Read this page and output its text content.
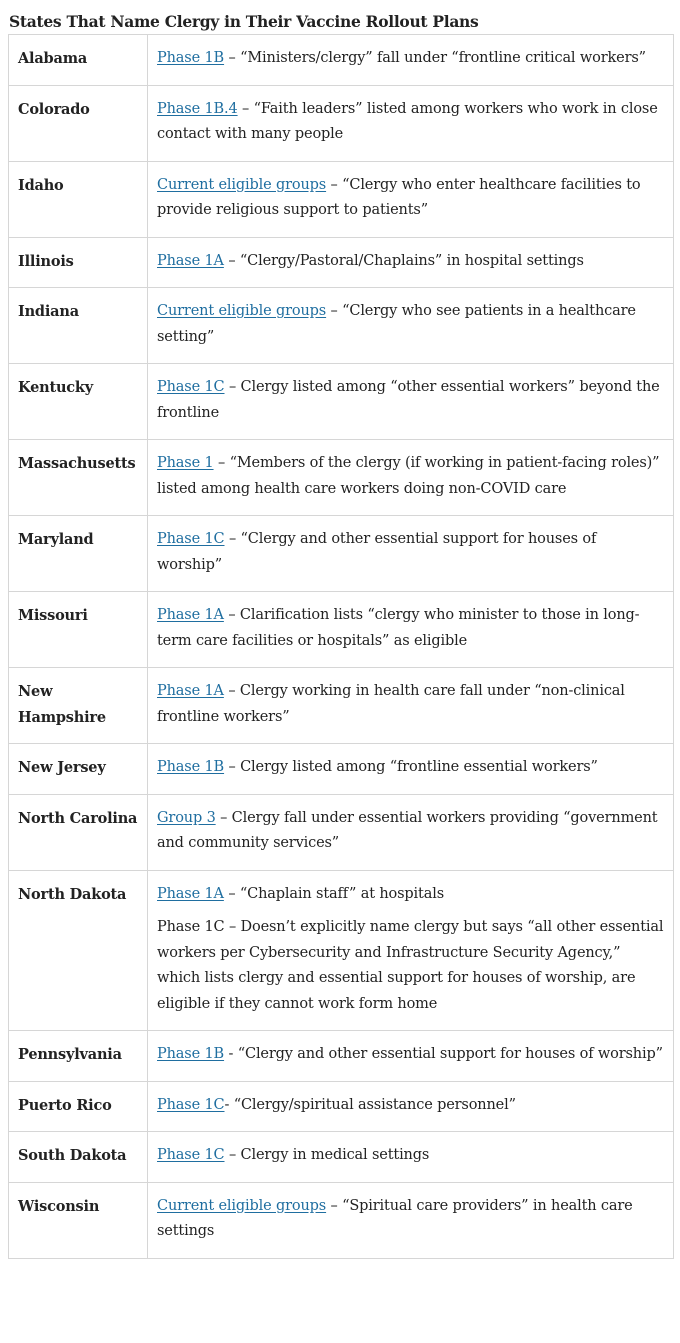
States That Name Clergy in Their Vaccine Rollout Plans
Alabama	Phase 1B – “Ministers/clergy” fall under “frontline critical workers”

Colorado	Phase 1B.4 – “Faith leaders” listed among workers who work in close contact with many people

Idaho	Current eligible groups – “Clergy who enter healthcare facilities to provide religious support to patients”

Illinois	Phase 1A – “Clergy/Pastoral/Chaplains” in hospital settings

Indiana	Current eligible groups – “Clergy who see patients in a healthcare setting”

Kentucky	Phase 1C – Clergy listed among “other essential workers” beyond the frontline

Massachusetts	Phase 1 – “Members of the clergy (if working in patient-facing roles)” listed among health care workers doing non-COVID care

Maryland	Phase 1C – “Clergy and other essential support for houses of worship”

Missouri	Phase 1A – Clarification lists “clergy who minister to those in long-term care facilities or hospitals” as eligible

New Hampshire	Phase 1A – Clergy working in health care fall under “non-clinical frontline workers”

New Jersey	Phase 1B – Clergy listed among “frontline essential workers”

North Carolina	Group 3 – Clergy fall under essential workers providing “government and community services”

North Dakota	Phase 1A – “Chaplain staff” at hospitals
Phase 1C – Doesn’t explicitly name clergy but says “all other essential workers per Cybersecurity and Infrastructure Security Agency,” which lists clergy and essential support for houses of worship, are eligible if they cannot work form home

Pennsylvania	Phase 1B - “Clergy and other essential support for houses of worship”

Puerto Rico	Phase 1C- “Clergy/spiritual assistance personnel”

South Dakota	Phase 1C – Clergy in medical settings

Wisconsin	Current eligible groups – “Spiritual care providers” in health care settings
